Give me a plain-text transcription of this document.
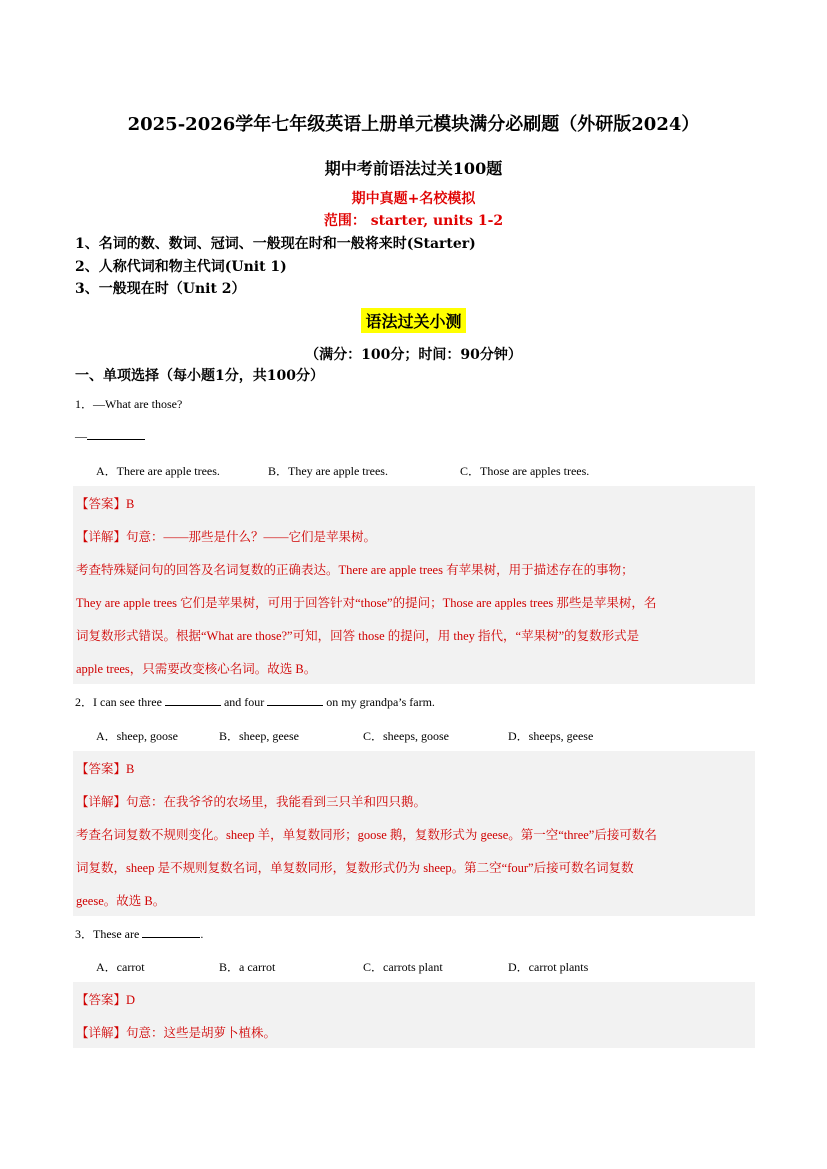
2025-2026学年七年级英语上册单元模块满分必刷题（外研版2024）
期中考前语法过关100题
期中真题+名校模拟
范围： starter, units 1-2
1、名词的数、数词、冠词、一般现在时和一般将来时(Starter)
2、人称代词和物主代词(Unit 1)
3、一般现在时（Unit 2）
语法过关小测
（满分：100分；时间：90分钟）
一、单项选择（每小题1分，共100分）
1．—What are those?
—
A．There are apple trees.	B．They are apple trees.	C．Those are apples trees.
【答案】B
【详解】句意：——那些是什么？——它们是苹果树。
考查特殊疑问句的回答及名词复数的正确表达。There are apple trees 有苹果树，用于描述存在的事物；
They are apple trees 它们是苹果树，可用于回答针对“those”的提问；Those are apples trees 那些是苹果树，名
词复数形式错误。根据“What are those?”可知，回答 those 的提问，用 they 指代，“苹果树”的复数形式是
apple trees，只需要改变核心名词。故选 B。
2．I can see three	and four	on my grandpa’s farm.
A．sheep, goose	B．sheep, geese	C．sheeps, goose	D．sheeps, geese
【答案】B
【详解】句意：在我爷爷的农场里，我能看到三只羊和四只鹅。
考查名词复数不规则变化。sheep 羊，单复数同形；goose 鹅，复数形式为 geese。第一空“three”后接可数名
词复数，sheep 是不规则复数名词，单复数同形，复数形式仍为 sheep。第二空“four”后接可数名词复数
geese。故选 B。
3．These are	.
A．carrot	B．a carrot	C．carrots plant	D．carrot plants
【答案】D
【详解】句意：这些是胡萝卜植株。
